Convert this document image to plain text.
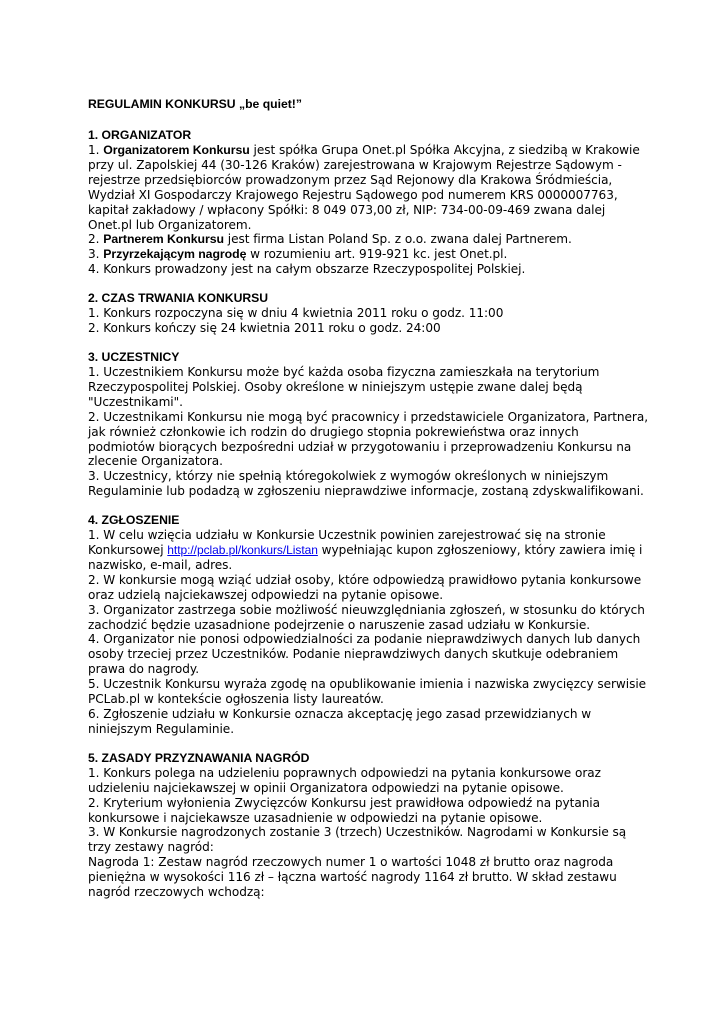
REGULAMIN KONKURSU „be quiet!”

1. ORGANIZATOR

1. Organizatorem Konkursu jest spółka Grupa Onet.pl Spółka Akcyjna, z siedzibą w Krakowie przy ul. Zapolskiej 44 (30-126 Kraków) zarejestrowana w Krajowym Rejestrze Sądowym - rejestrze przedsiębiorców prowadzonym przez Sąd Rejonowy dla Krakowa Śródmieścia, Wydział XI Gospodarczy Krajowego Rejestru Sądowego pod numerem KRS 0000007763, kapitał zakładowy / wpłacony Spółki: 8 049 073,00 zł, NIP: 734-00-09-469 zwana dalej Onet.pl lub Organizatorem.

2. Partnerem Konkursu jest firma Listan Poland Sp. z o.o. zwana dalej Partnerem.

3. Przyrzekającym nagrodę w rozumieniu art. 919-921 kc. jest Onet.pl.

4. Konkurs prowadzony jest na całym obszarze Rzeczypospolitej Polskiej.

2. CZAS TRWANIA KONKURSU

1. Konkurs rozpoczyna się w dniu 4 kwietnia 2011 roku o godz. 11:00

2. Konkurs kończy się 24 kwietnia 2011 roku o godz. 24:00

3. UCZESTNICY

1. Uczestnikiem Konkursu może być każda osoba fizyczna zamieszkała na terytorium Rzeczypospolitej Polskiej. Osoby określone w niniejszym ustępie zwane dalej będą "Uczestnikami".

2. Uczestnikami Konkursu nie mogą być pracownicy i przedstawiciele Organizatora, Partnera, jak również członkowie ich rodzin do drugiego stopnia pokrewieństwa oraz innych podmiotów biorących bezpośredni udział w przygotowaniu i przeprowadzeniu Konkursu na zlecenie Organizatora.

3. Uczestnicy, którzy nie spełnią któregokolwiek z wymogów określonych w niniejszym Regulaminie lub podadzą w zgłoszeniu nieprawdziwe informacje, zostaną zdyskwalifikowani.

4. ZGŁOSZENIE

1. W celu wzięcia udziału w Konkursie Uczestnik powinien zarejestrować się na stronie Konkursowej http://pclab.pl/konkurs/Listan wypełniając kupon zgłoszeniowy, który zawiera imię i nazwisko, e-mail, adres.

2. W konkursie mogą wziąć udział osoby, które odpowiedzą prawidłowo pytania konkursowe oraz udzielą najciekawszej odpowiedzi na pytanie opisowe.

3. Organizator zastrzega sobie możliwość nieuwzględniania zgłoszeń, w stosunku do których zachodzić będzie uzasadnione podejrzenie o naruszenie zasad udziału w Konkursie.

4. Organizator nie ponosi odpowiedzialności za podanie nieprawdziwych danych lub danych osoby trzeciej przez Uczestników. Podanie nieprawdziwych danych skutkuje odebraniem prawa do nagrody.

5. Uczestnik Konkursu wyraża zgodę na opublikowanie imienia i nazwiska zwycięzcy serwisie PCLab.pl w kontekście ogłoszenia listy laureatów.

6. Zgłoszenie udziału w Konkursie oznacza akceptację jego zasad przewidzianych w niniejszym Regulaminie.

5. ZASADY PRZYZNAWANIA NAGRÓD

1. Konkurs polega na udzieleniu poprawnych odpowiedzi na pytania konkursowe oraz udzieleniu najciekawszej w opinii Organizatora odpowiedzi na pytanie opisowe.

2. Kryterium wyłonienia Zwycięzców Konkursu jest prawidłowa odpowiedź na pytania konkursowe i najciekawsze uzasadnienie w odpowiedzi na pytanie opisowe.

3. W Konkursie nagrodzonych zostanie 3 (trzech) Uczestników. Nagrodami w Konkursie są trzy zestawy nagród:

Nagroda 1: Zestaw nagród rzeczowych numer 1 o wartości 1048 zł brutto oraz nagroda pieniężna w wysokości 116 zł – łączna wartość nagrody 1164 zł brutto. W skład zestawu nagród rzeczowych wchodzą:
